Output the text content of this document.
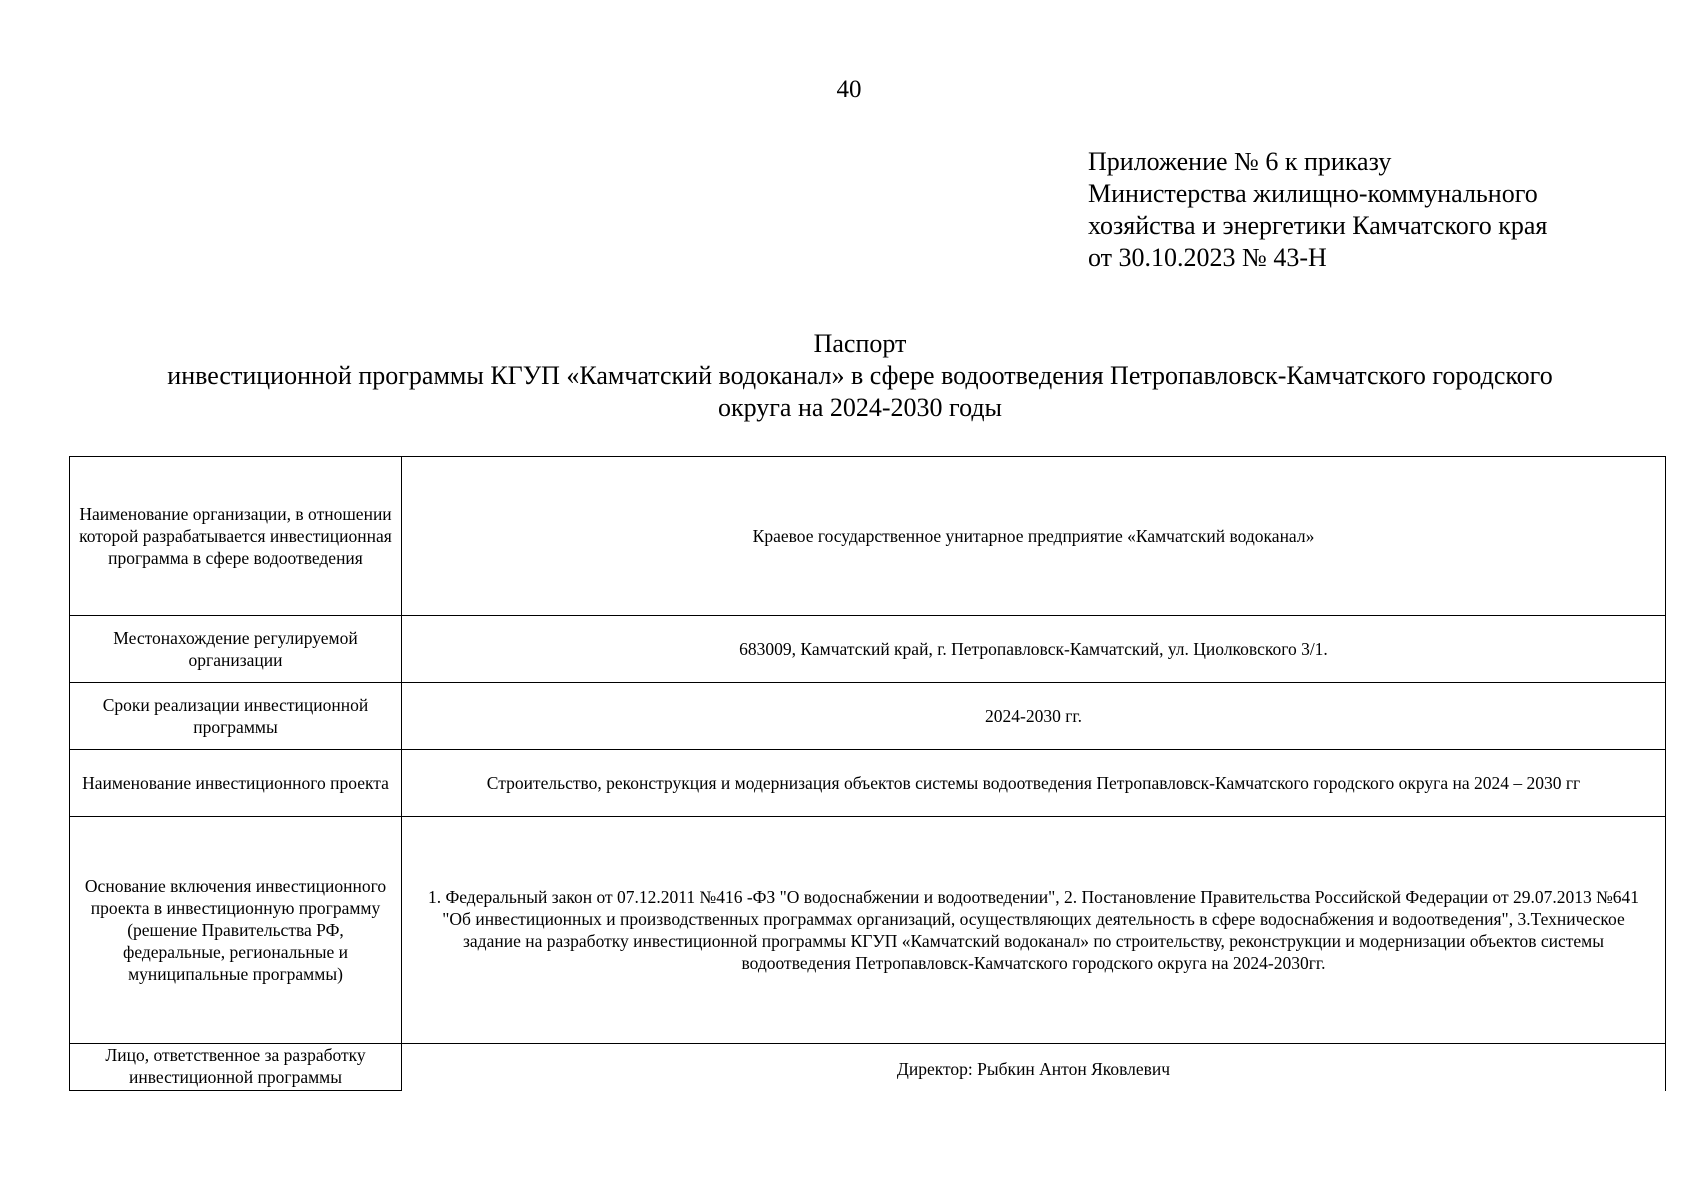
40
Приложение № 6 к приказу
Министерства жилищно-коммунального
хозяйства и энергетики Камчатского края
от 30.10.2023 № 43-Н
Паспорт
инвестиционной программы КГУП «Камчатский водоканал» в сфере водоотведения Петропавловск-Камчатского городского
округа на 2024-2030 годы
Наименование организации, в отношении которой разрабатывается инвестиционная программа в сфере водоотведения	Краевое государственное унитарное предприятие «Камчатский водоканал»
Местонахождение регулируемой организации	683009, Камчатский край, г. Петропавловск-Камчатский, ул. Циолковского 3/1.
Сроки реализации инвестиционной программы	2024-2030 гг.
Наименование инвестиционного проекта	Строительство, реконструкция и модернизация объектов системы водоотведения Петропавловск-Камчатского городского округа на 2024 – 2030 гг
Основание включения инвестиционного проекта в инвестиционную программу (решение Правительства РФ, федеральные, региональные и муниципальные программы)	1. Федеральный закон от 07.12.2011 №416 -ФЗ "О водоснабжении и водоотведении", 2. Постановление Правительства Российской Федерации от 29.07.2013 №641 "Об инвестиционных и производственных программах организаций, осуществляющих деятельность в сфере водоснабжения и водоотведения", 3.Техническое задание на разработку инвестиционной программы КГУП «Камчатский водоканал» по строительству, реконструкции и модернизации объектов системы водоотведения Петропавловск-Камчатского городского округа на 2024-2030гг.
Лицо, ответственное за разработку инвестиционной программы	Директор: Рыбкин Антон Яковлевич
